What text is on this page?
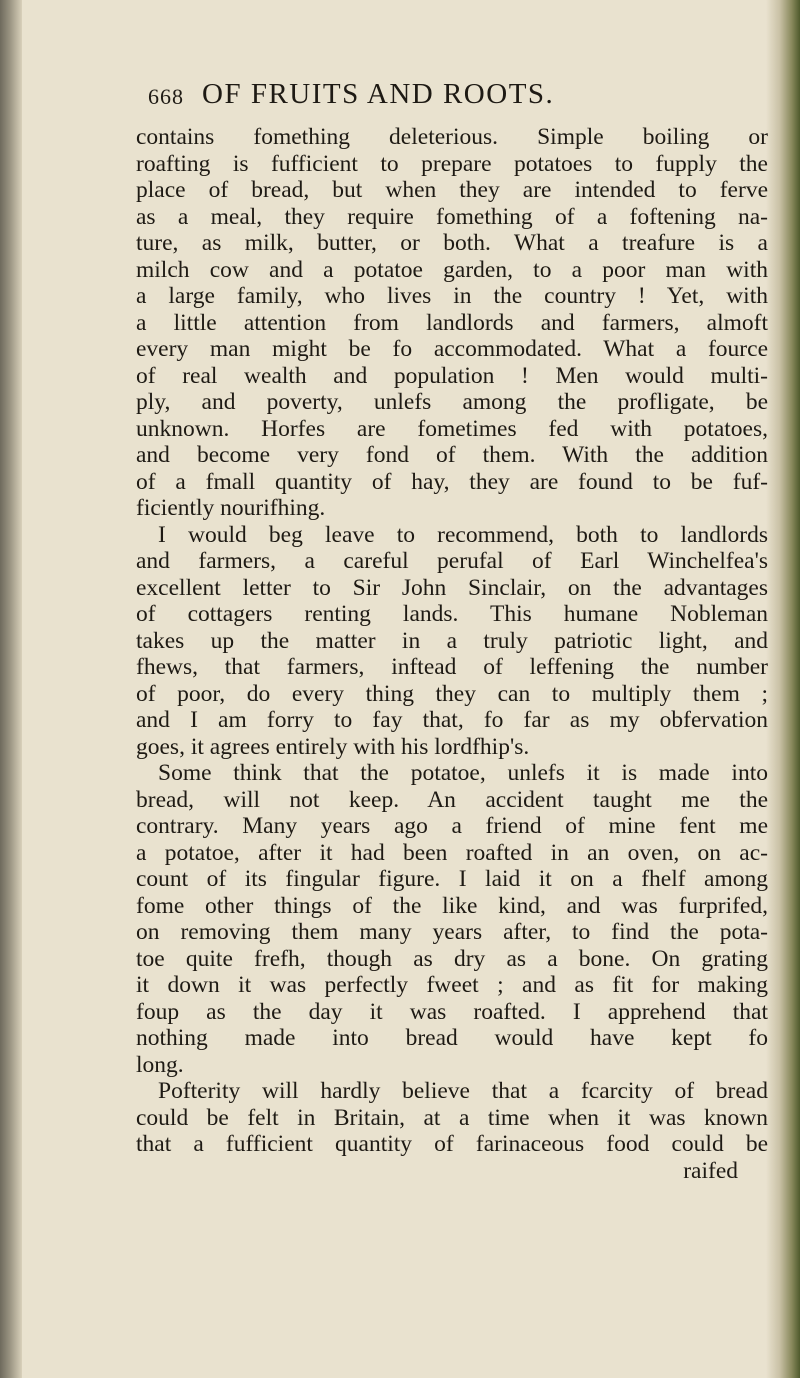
668 OF FRUITS AND ROOTS.
contains fomething deleterious. Simple boiling or
roafting is fufficient to prepare potatoes to fupply the
place of bread, but when they are intended to ferve
as a meal, they require fomething of a foftening na-
ture, as milk, butter, or both. What a treafure is a
milch cow and a potatoe garden, to a poor man with
a large family, who lives in the country ! Yet, with
a little attention from landlords and farmers, almoft
every man might be fo accommodated. What a fource
of real wealth and population ! Men would multi-
ply, and poverty, unlefs among the profligate, be
unknown. Horfes are fometimes fed with potatoes,
and become very fond of them. With the addition
of a fmall quantity of hay, they are found to be fuf-
ficiently nourifhing.
I would beg leave to recommend, both to landlords
and farmers, a careful perufal of Earl Winchelfea's
excellent letter to Sir John Sinclair, on the advantages
of cottagers renting lands. This humane Nobleman
takes up the matter in a truly patriotic light, and
fhews, that farmers, inftead of leffening the number
of poor, do every thing they can to multiply them ;
and I am forry to fay that, fo far as my obfervation
goes, it agrees entirely with his lordfhip's.
Some think that the potatoe, unlefs it is made into
bread, will not keep. An accident taught me the
contrary. Many years ago a friend of mine fent me
a potatoe, after it had been roafted in an oven, on ac-
count of its fingular figure. I laid it on a fhelf among
fome other things of the like kind, and was furprifed,
on removing them many years after, to find the pota-
toe quite frefh, though as dry as a bone. On grating
it down it was perfectly fweet ; and as fit for making
foup as the day it was roafted. I apprehend that
nothing made into bread would have kept fo
long.
Pofterity will hardly believe that a fcarcity of bread
could be felt in Britain, at a time when it was known
that a fufficient quantity of farinaceous food could be
raifed
